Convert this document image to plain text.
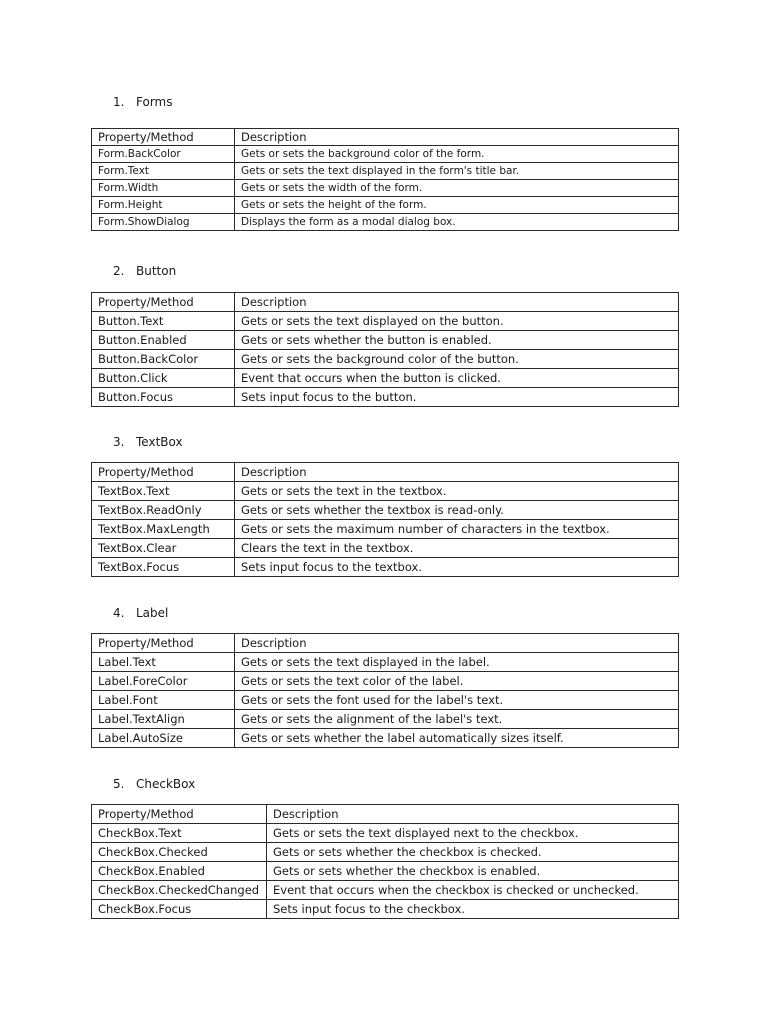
1. Forms
Property/Method	Description
Form.BackColor	Gets or sets the background color of the form.
Form.Text	Gets or sets the text displayed in the form's title bar.
Form.Width	Gets or sets the width of the form.
Form.Height	Gets or sets the height of the form.
Form.ShowDialog	Displays the form as a modal dialog box.
2. Button
Property/Method	Description
Button.Text	Gets or sets the text displayed on the button.
Button.Enabled	Gets or sets whether the button is enabled.
Button.BackColor	Gets or sets the background color of the button.
Button.Click	Event that occurs when the button is clicked.
Button.Focus	Sets input focus to the button.
3. TextBox
Property/Method	Description
TextBox.Text	Gets or sets the text in the textbox.
TextBox.ReadOnly	Gets or sets whether the textbox is read-only.
TextBox.MaxLength	Gets or sets the maximum number of characters in the textbox.
TextBox.Clear	Clears the text in the textbox.
TextBox.Focus	Sets input focus to the textbox.
4. Label
Property/Method	Description
Label.Text	Gets or sets the text displayed in the label.
Label.ForeColor	Gets or sets the text color of the label.
Label.Font	Gets or sets the font used for the label's text.
Label.TextAlign	Gets or sets the alignment of the label's text.
Label.AutoSize	Gets or sets whether the label automatically sizes itself.
5. CheckBox
Property/Method	Description
CheckBox.Text	Gets or sets the text displayed next to the checkbox.
CheckBox.Checked	Gets or sets whether the checkbox is checked.
CheckBox.Enabled	Gets or sets whether the checkbox is enabled.
CheckBox.CheckedChanged	Event that occurs when the checkbox is checked or unchecked.
CheckBox.Focus	Sets input focus to the checkbox.
